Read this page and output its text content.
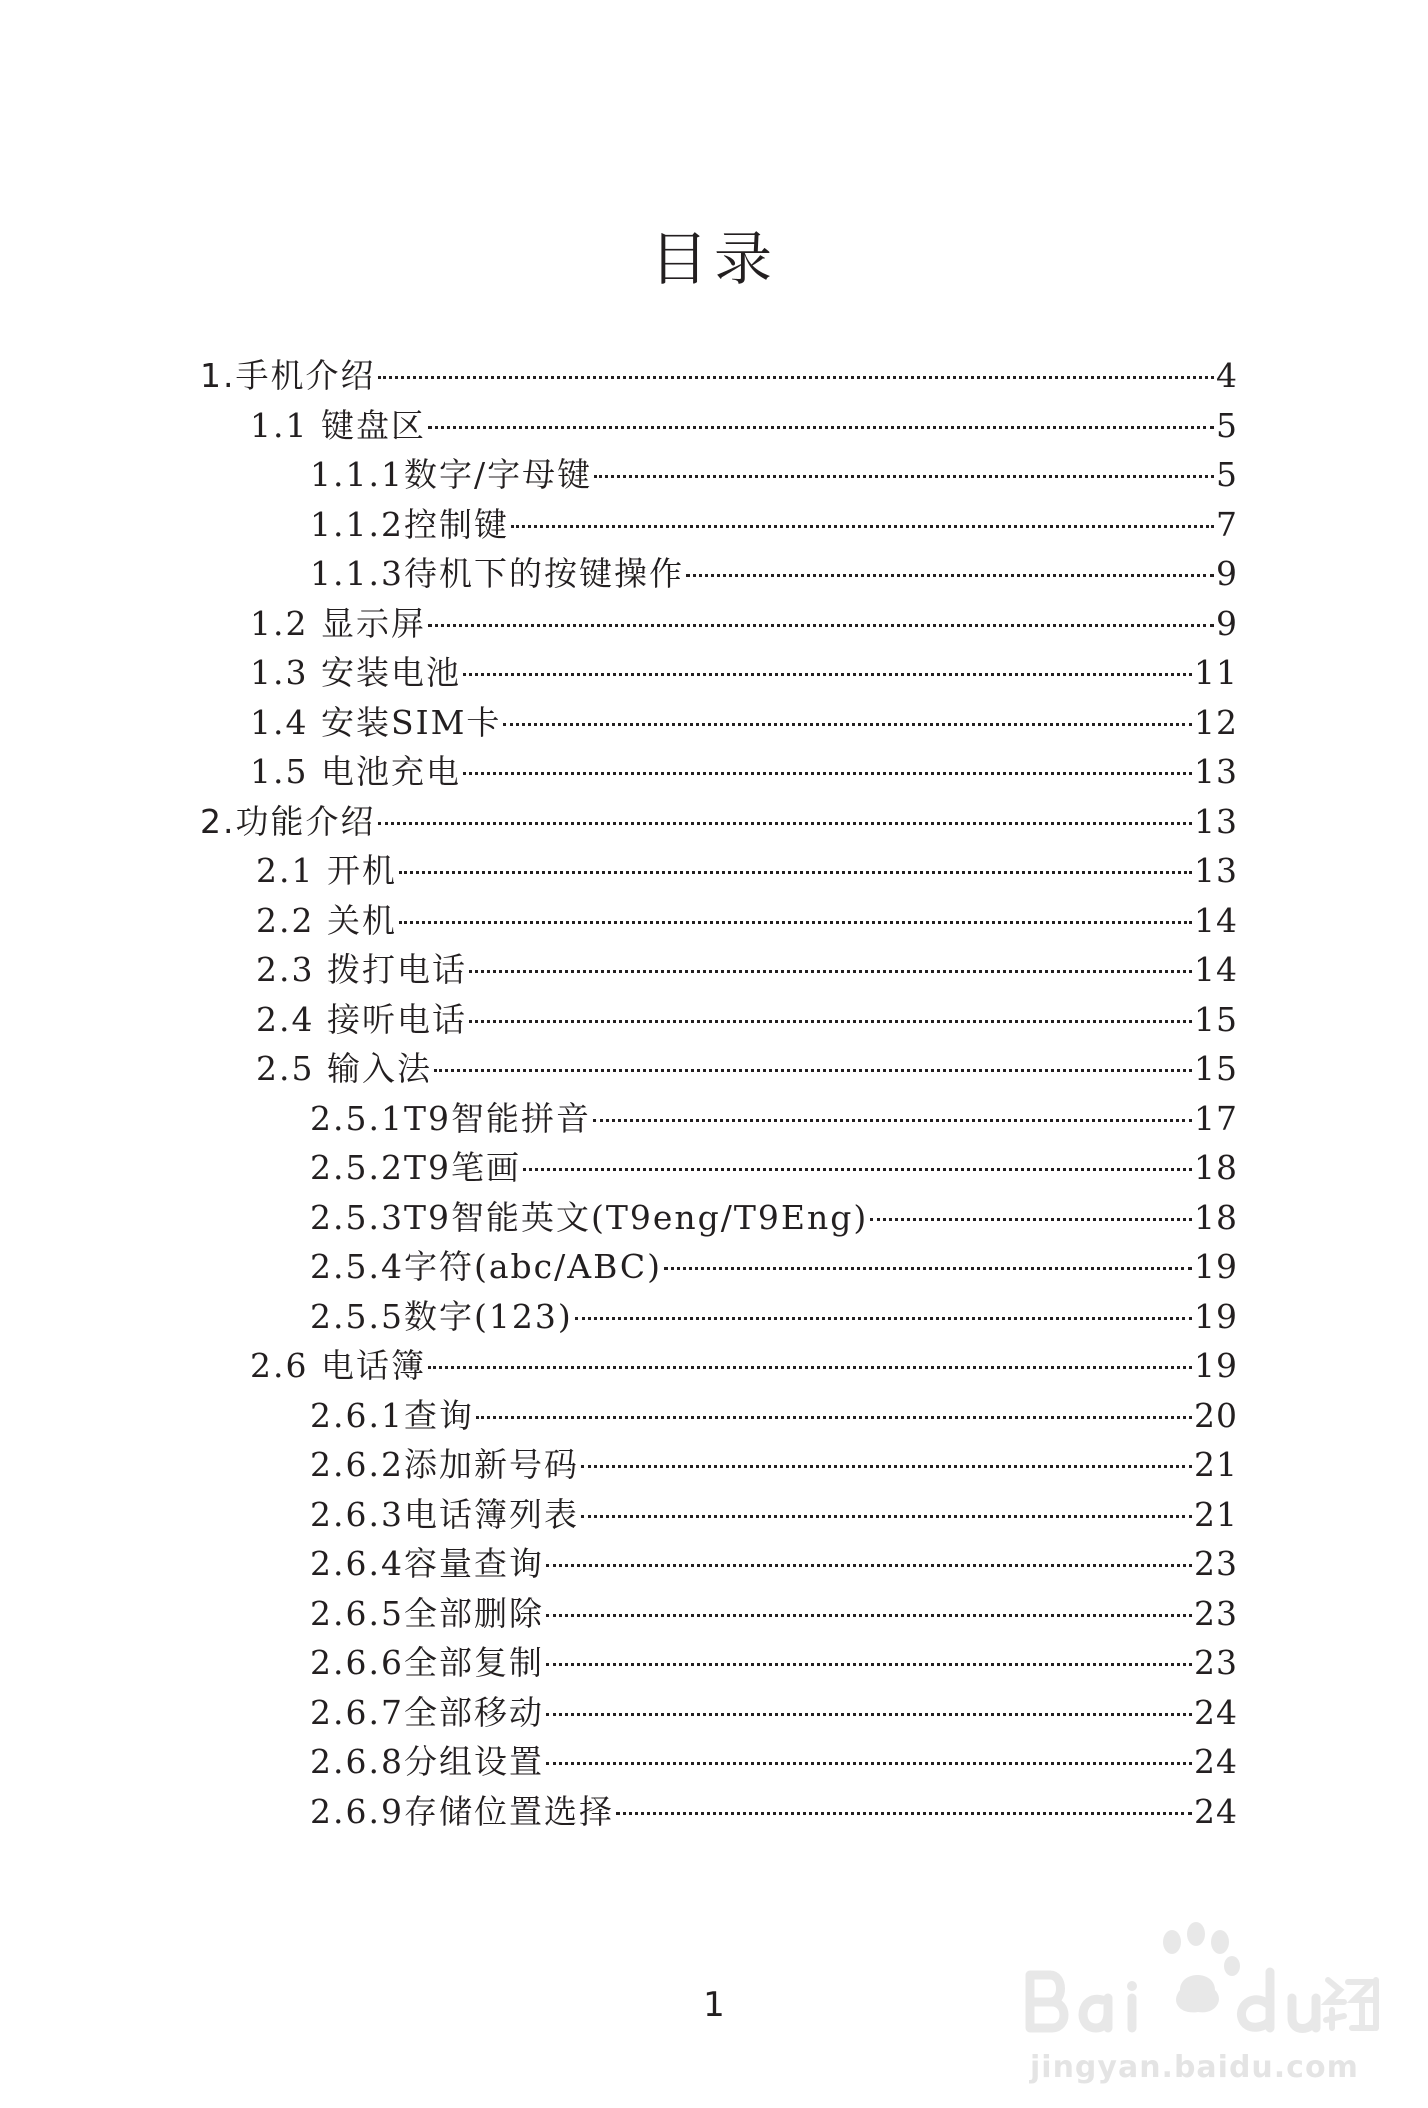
目录
1.手机介绍	4
1.1 键盘区	5
1.1.1数字/字母键	5
1.1.2控制键	7
1.1.3待机下的按键操作	9
1.2 显示屏	9
1.3 安装电池	11
1.4 安装SIM卡	12
1.5 电池充电	13
2.功能介绍	13
2.1 开机	13
2.2 关机	14
2.3 拨打电话	14
2.4 接听电话	15
2.5 输入法	15
2.5.1T9智能拼音	17
2.5.2T9笔画	18
2.5.3T9智能英文(T9eng/T9Eng)	18
2.5.4字符(abc/ABC)	19
2.5.5数字(123)	19
2.6 电话簿	19
2.6.1查询	20
2.6.2添加新号码	21
2.6.3电话簿列表	21
2.6.4容量查询	23
2.6.5全部删除	23
2.6.6全部复制	23
2.6.7全部移动	24
2.6.8分组设置	24
2.6.9存储位置选择	24
1
jingyan.baidu.com
